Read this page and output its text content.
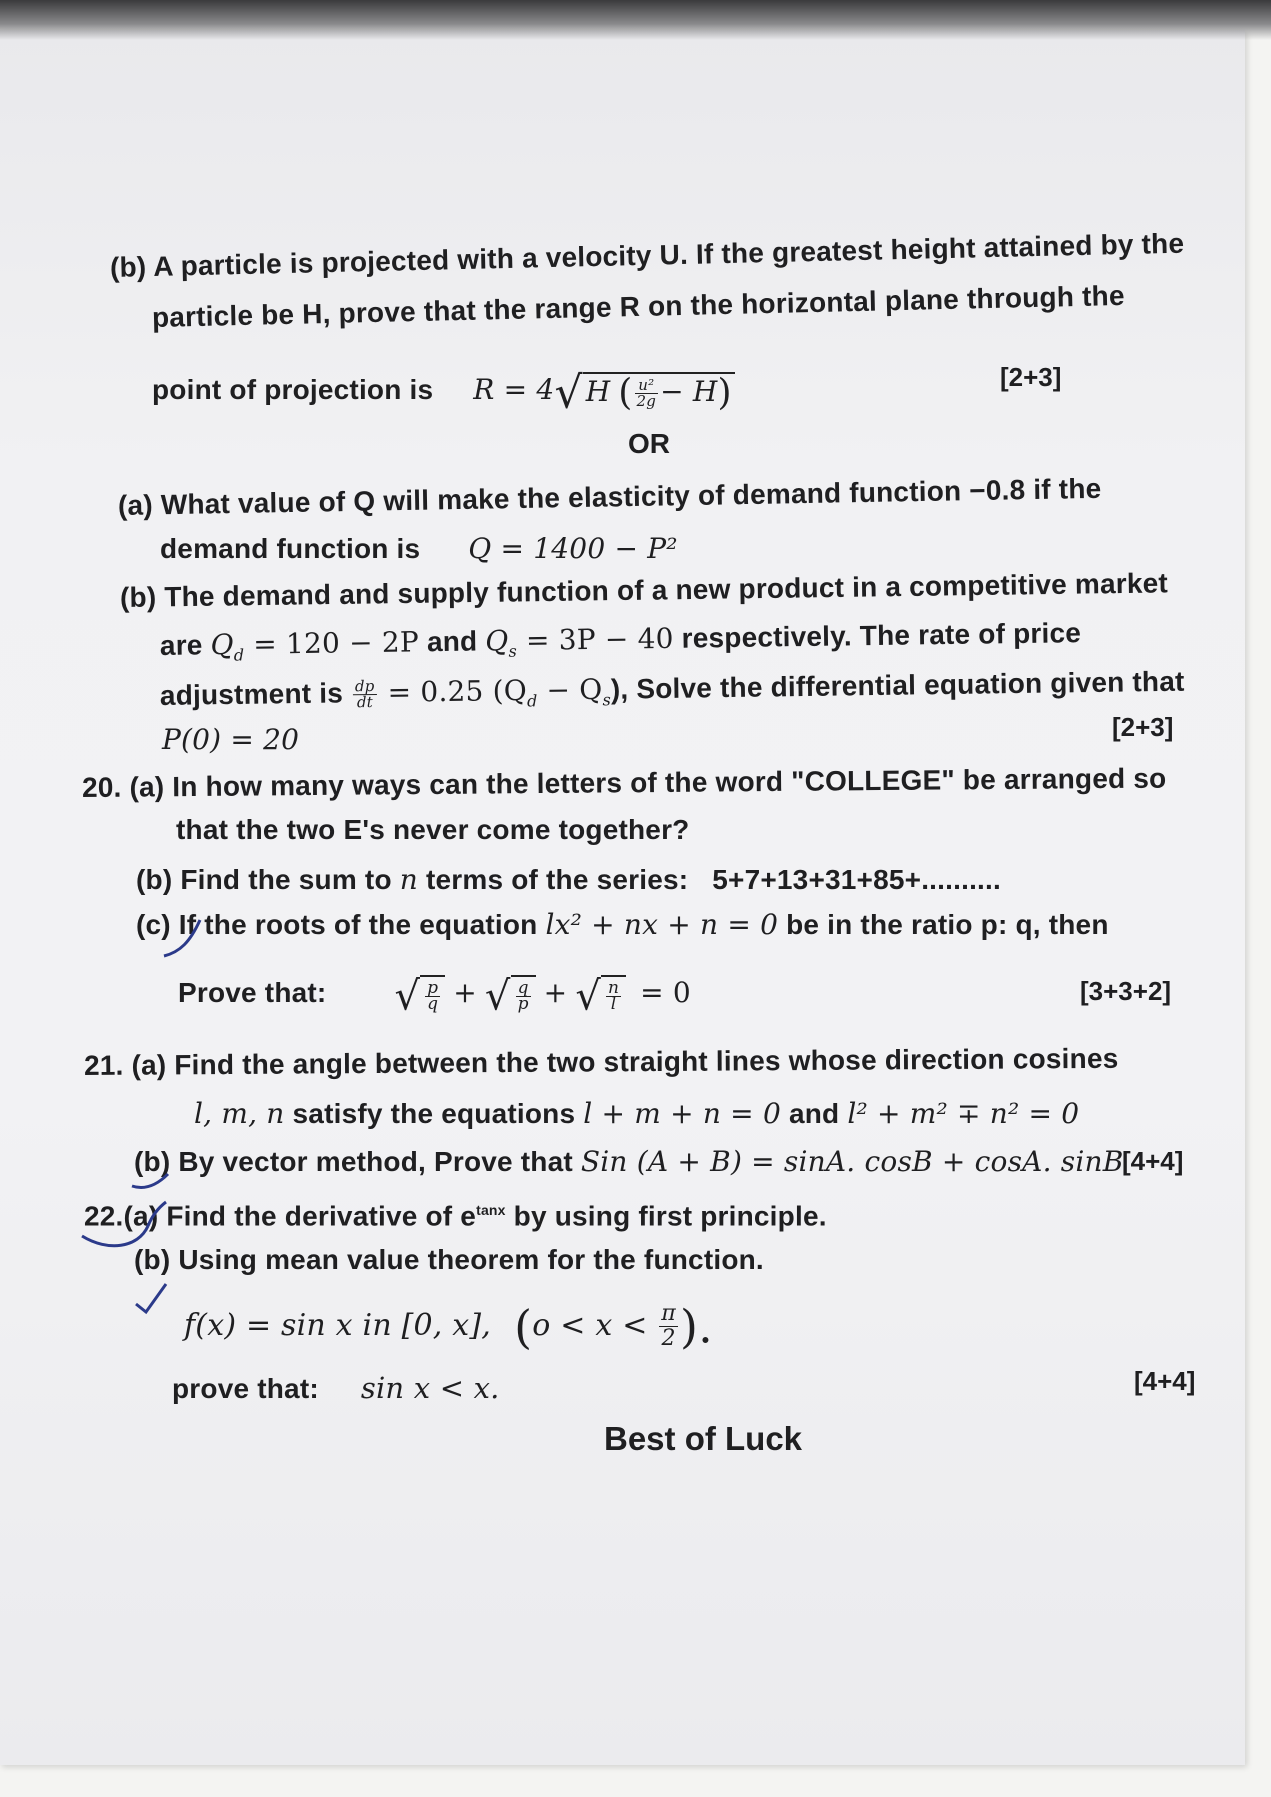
(b) A particle is projected with a velocity U. If the greatest height attained by the
particle be H, prove that the range R on the horizontal plane through the
point of projection is R = 4√ H ( $\frac{\text{u²}}{2g} - H$)	[2+3]
OR
(a) What value of Q will make the elasticity of demand function −0.8 if the
demand function is Q = 1400 − P²
(b) The demand and supply function of a new product in a competitive market
are $Q_d = 120 - 2P$ and $Q_s = 3P - 40$ respectively. The rate of price
adjustment is $\frac{dp}{dt} = 0.25$ $(Q_d - Q_s)$, Solve the differential equation given that
P(0) = 20	[2+3]
20. (a) In how many ways can the letters of the word "COLLEGE" be arranged so
that the two E's never come together?
(b) Find the sum to n terms of the series: 5+7+13+31+85+..........
(c) If the roots of the equation lx² + nx + n = 0 be in the ratio p: q, then
Prove that: √ $\frac{p}{q}$ + √ $\frac{q}{p}$ + √ $\frac{n}{l} = 0$	[3+3+2]
21. (a) Find the angle between the two straight lines whose direction cosines
l, m, n satisfy the equations l + m + n = 0 and l² + m² ∓ n² = 0
(b) By vector method, Prove that Sin (A + B) = sinA. cosB + cosA. sinB
[4+4]
22.(a) Find the derivative of $e^{tanx}$ by using first principle.
(b) Using mean value theorem for the function.
f(x) = sin x in [0, x], ($o < x < \frac{\pi}{2}$ ).
prove that: sin x < x.	[4+4]
Best of Luck
